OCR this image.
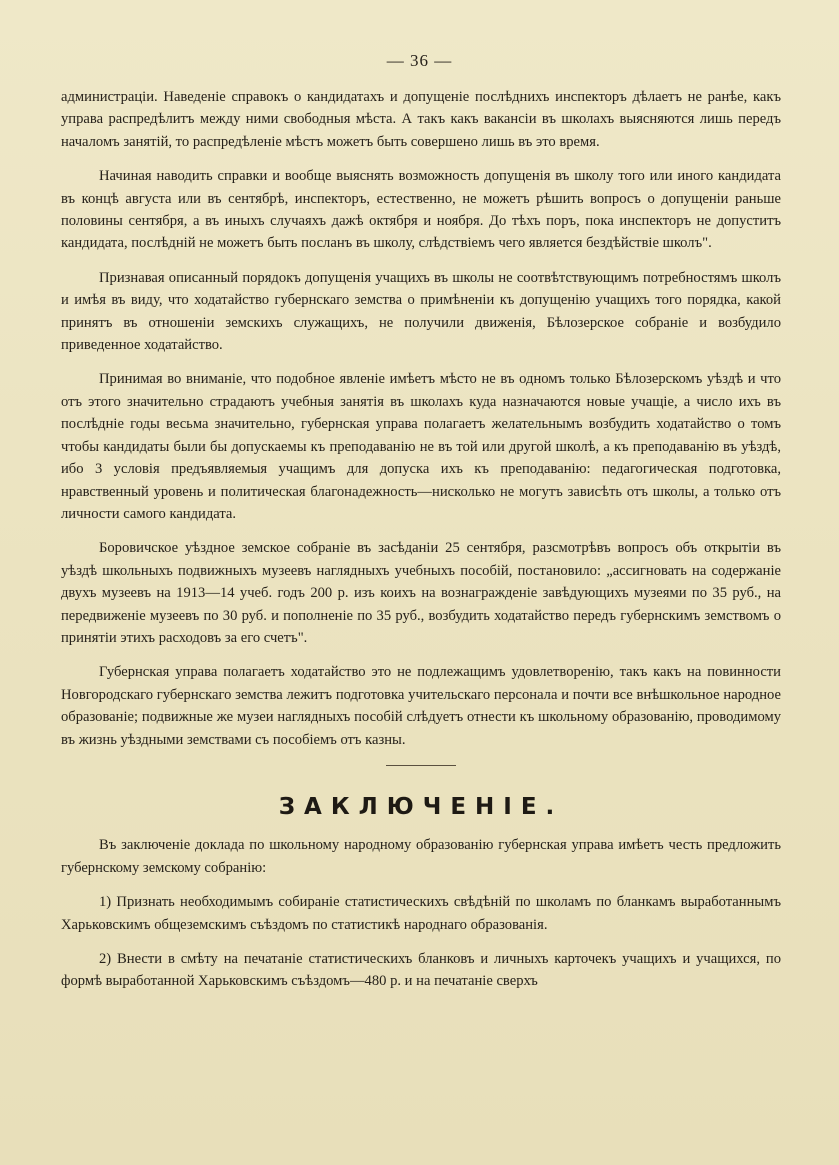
— 36 —

администраціи. Наведеніе справокъ о кандидатахъ и допущеніе послѣднихъ инспекторъ дѣлаетъ не ранѣе, какъ управа распредѣлитъ между ними свободныя мѣста. А такъ какъ вакансіи въ школахъ выясняются лишь передъ началомъ занятій, то распредѣленіе мѣстъ можетъ быть совершено лишь въ это время.

Начиная наводить справки и вообще выяснять возможность допущенія въ школу того или иного кандидата въ концѣ августа или въ сентябрѣ, инспекторъ, естественно, не можетъ рѣшить вопросъ о допущеніи раньше половины сентября, а въ иныхъ случаяхъ дажѣ октября и ноября. До тѣхъ поръ, пока инспекторъ не допуститъ кандидата, послѣдній не можетъ быть посланъ въ школу, слѣдствіемъ чего является бездѣйствіе школъ".

Признавая описанный порядокъ допущенія учащихъ въ школы не соотвѣтствующимъ потребностямъ школъ и имѣя въ виду, что ходатайство губернскаго земства о примѣненіи къ допущенію учащихъ того порядка, какой принятъ въ отношеніи земскихъ служащихъ, не получили движенія, Бѣлозерское собраніе и возбудило приведенное ходатайство.

Принимая во вниманіе, что подобное явленіе имѣетъ мѣсто не въ одномъ только Бѣлозерскомъ уѣздѣ и что отъ этого значительно страдаютъ учебныя занятія въ школахъ куда назначаются новые учащіе, а число ихъ въ послѣдніе годы весьма значительно, губернская управа полагаетъ желательнымъ возбудить ходатайство о томъ чтобы кандидаты были бы допускаемы къ преподаванію не въ той или другой школѣ, а къ преподаванію въ уѣздѣ, ибо 3 условія предъявляемыя учащимъ для допуска ихъ къ преподаванію: педагогическая подготовка, нравственный уровень и политическая благонадежность—нисколько не могутъ зависѣть отъ школы, а только отъ личности самого кандидата.

Боровичское уѣздное земское собраніе въ засѣданіи 25 сентября, разсмотрѣвъ вопросъ объ открытіи въ уѣздѣ школьныхъ подвижныхъ музеевъ наглядныхъ учебныхъ пособій, постановило: „ассигновать на содержаніе двухъ музеевъ на 1913—14 учеб. годъ 200 р. изъ коихъ на вознагражденіе завѣдующихъ музеями по 35 руб., на передвиженіе музеевъ по 30 руб. и пополненіе по 35 руб., возбудить ходатайство передъ губернскимъ земствомъ о принятіи этихъ расходовъ за его счетъ".

Губернская управа полагаетъ ходатайство это не подлежащимъ удовлетворенію, такъ какъ на повинности Новгородскаго губернскаго земства лежитъ подготовка учительскаго персонала и почти все внѣшкольное народное образованіе; подвижные же музеи наглядныхъ пособій слѣдуетъ отнести къ школьному образованію, проводимому въ жизнь уѣздными земствами съ пособіемъ отъ казны.

ЗАКЛЮЧЕНІЕ.

Въ заключеніе доклада по школьному народному образованію губернская управа имѣетъ честь предложить губернскому земскому собранію:

1) Признать необходимымъ собираніе статистическихъ свѣдѣній по школамъ по бланкамъ выработаннымъ Харьковскимъ общеземскимъ съѣздомъ по статистикѣ народнаго образованія.

2) Внести в смѣту на печатаніе статистическихъ бланковъ и личныхъ карточекъ учащихъ и учащихся, по формѣ выработанной Харьковскимъ съѣздомъ—480 р. и на печатаніе сверхъ
